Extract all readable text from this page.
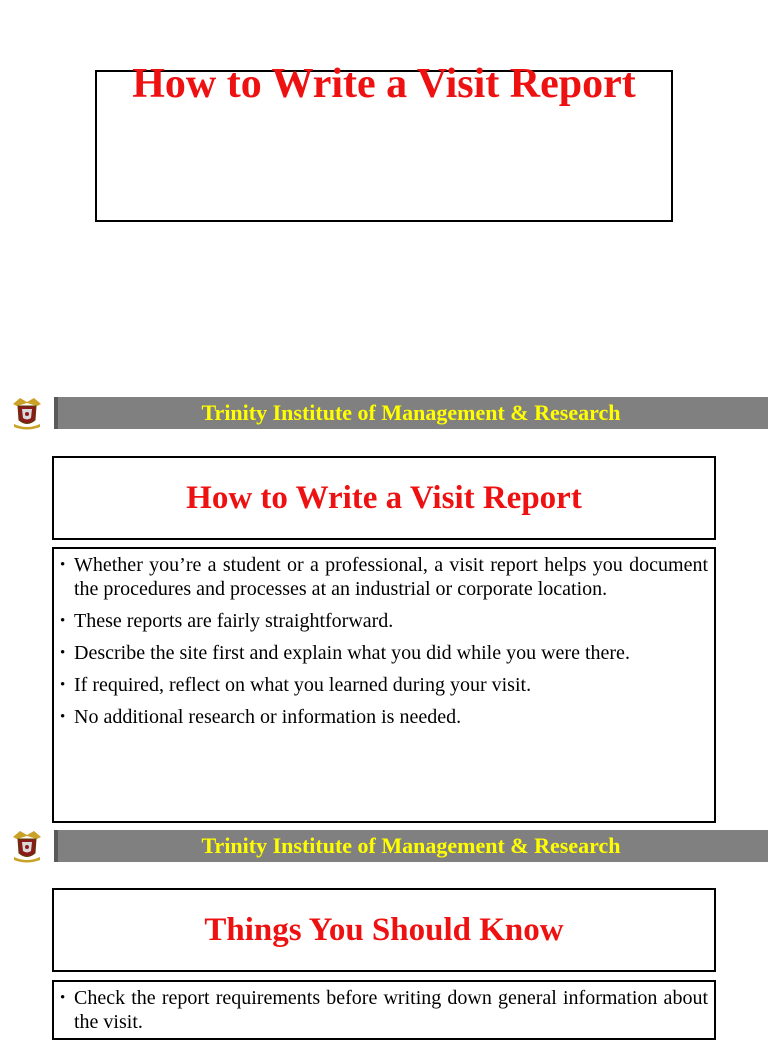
How to Write a Visit Report
Trinity Institute of Management & Research
How to Write a Visit Report
• Whether you’re a student or a professional, a visit report helps you document the procedures and processes at an industrial or corporate location.
• These reports are fairly straightforward.
• Describe the site first and explain what you did while you were there.
• If required, reflect on what you learned during your visit.
• No additional research or information is needed.
Trinity Institute of Management & Research
Things You Should Know
• Check the report requirements before writing down general information about the visit.
